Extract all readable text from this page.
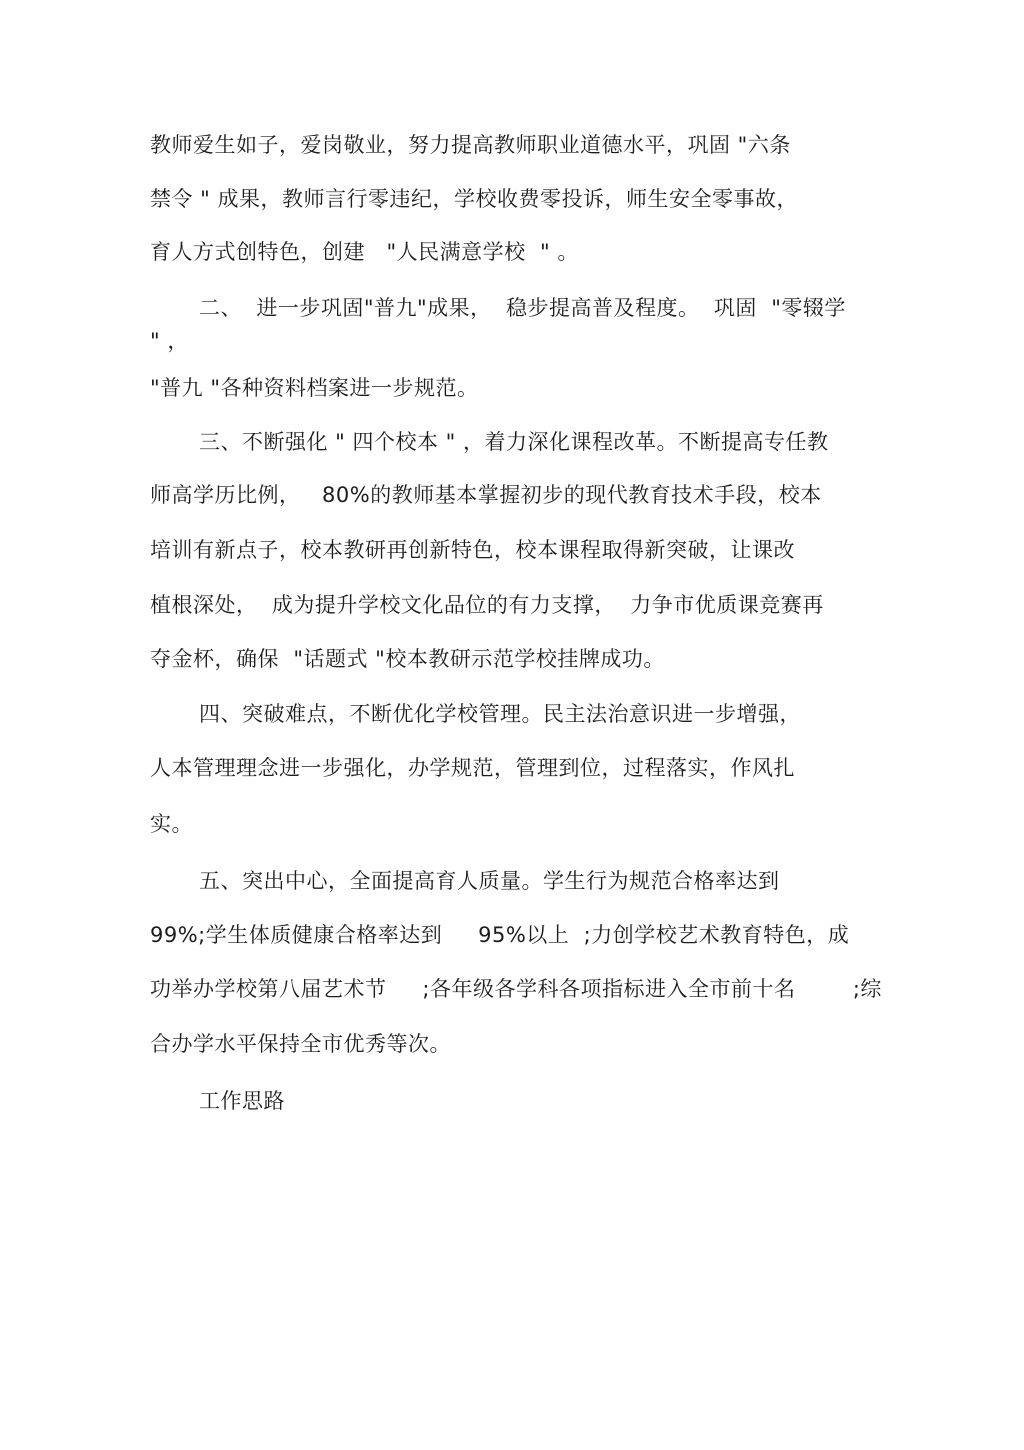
教师爱生如子，爱岗敬业，努力提高教师职业道德水平，巩固 "六条
禁令 " 成果，教师言行零违纪，学校收费零投诉，师生安全零事故，
育人方式创特色，创建   "人民满意学校  " 。
二、  进一步巩固"普九"成果，  稳步提高普及程度。  巩固  "零辍学
" ，
"普九 "各种资料档案进一步规范。
三、不断强化 " 四个校本 " ，着力深化课程改革。不断提高专任教
师高学历比例，   80%的教师基本掌握初步的现代教育技术手段，校本
培训有新点子，校本教研再创新特色，校本课程取得新突破，让课改
植根深处，  成为提升学校文化品位的有力支撑，  力争市优质课竞赛再
夺金杯，确保  "话题式 "校本教研示范学校挂牌成功。
四、突破难点，不断优化学校管理。民主法治意识进一步增强，
人本管理理念进一步强化，办学规范，管理到位，过程落实，作风扎
实。
五、突出中心，全面提高育人质量。学生行为规范合格率达到
99%;学生体质健康合格率达到     95%以上  ;力创学校艺术教育特色，成
功举办学校第八届艺术节     ;各年级各学科各项指标进入全市前十名        ;综
合办学水平保持全市优秀等次。
工作思路
